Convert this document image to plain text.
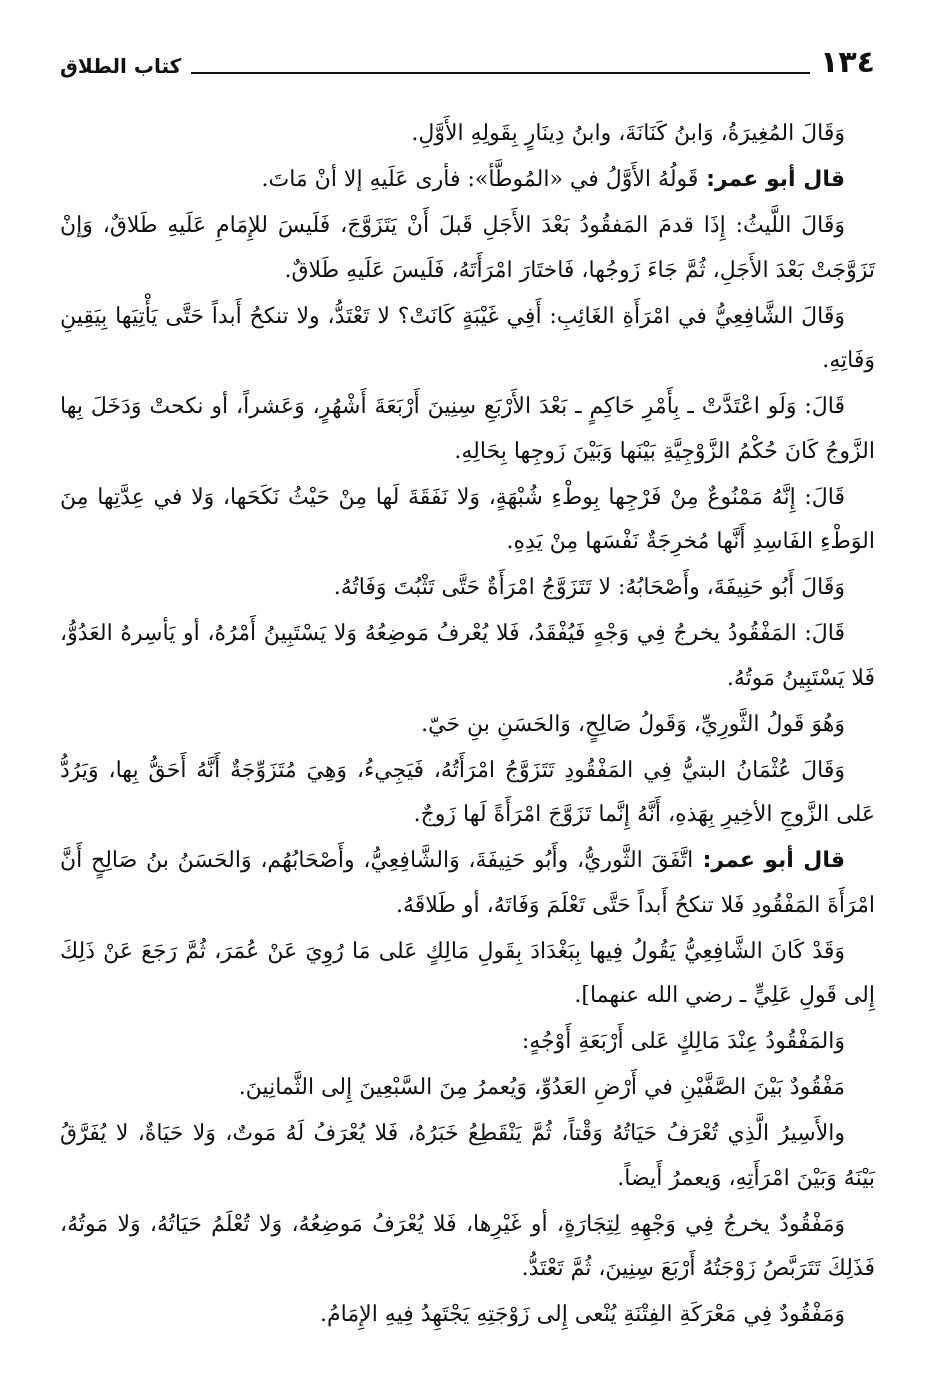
١٣٤
كتاب الطلاق

وَقَالَ المُغِيرَةُ، وَابنُ كَنَانَةَ، وابنُ دِينَارٍ بِقَولِهِ الأَوَّلِ.

قال أبو عمر: قَولُهُ الأَوَّلُ في «المُوطَّأ»: فأرى عَلَيهِ إلا أنْ مَاتَ.

وَقَالَ اللَّيثُ: إِذَا قدمَ المَفقُودُ بَعْدَ الأَجَلِ قَبلَ أَنْ يَتَزَوَّجَ، فَلَيسَ للإِمَامِ عَلَيهِ طَلاقٌ، وَإنْ تَزَوَّجَتْ بَعْدَ الأَجَلِ، ثُمَّ جَاءَ زَوجُها، فَاختَارَ امْرَأَتَهُ، فَلَيسَ عَلَيهِ طَلاقٌ.

وَقَالَ الشَّافِعِيُّ في امْرَأَةِ الغَائِبِ: أَفِي غَيْبَةٍ كَانَتْ؟ لا تَعْتَدُّ، ولا تنكحُ أَبداً حَتَّى يَأْتِيَها بِيَقِينِ وَفَاتِهِ.

قَالَ: وَلَو اعْتَدَّتْ ـ بِأَمْرِ حَاكِمٍ ـ بَعْدَ الأَرْبَعِ سِنِينَ أَرْبَعَةَ أَشْهُرٍ، وَعَشراً، أو نكحتْ وَدَخَلَ بِها الزَّوجُ كَانَ حُكْمُ الزَّوْجِيَّةِ بَيْنَها وَبَيْنَ زَوجِها بِحَالِهِ.

قَالَ: إِنَّهُ مَمْنُوعٌ مِنْ فَرْجِها بِوطْءِ شُبْهَةٍ، وَلا نَفَقَةَ لَها مِنْ حَيْثُ نَكَحَها، وَلا في عِدَّتِها مِنَ الوَطْءِ الفَاسِدِ أَنَّها مُخرِجَةٌ نَفْسَها مِنْ يَدِهِ.

وَقَالَ أَبُو حَنِيفَةَ، وأَصْحَابُهُ: لا تَتَزَوَّجُ امْرَأَةٌ حَتَّى تَثْبُتَ وَفَاتُهُ.

قَالَ: المَفْقُودُ يخرجُ فِي وَجْهٍ فَيُفْقَدُ، فَلا يُعْرفُ مَوضِعُهُ وَلا يَسْتَبِينُ أَمْرُهُ، أو يَأسِرهُ العَدُوُّ، فَلا يَسْتَبِينُ مَوتُهُ.

وَهُوَ قَولُ الثَّورِيِّ، وَقَولُ صَالِحٍ، وَالحَسَنِ بنِ حَيّ.

وَقَالَ عُثْمَانُ البتيُّ فِي المَفْقُودِ تَتَزَوَّجُ امْرَأَتُهُ، فَيَجِيءُ، وَهِيَ مُتَزَوِّجَةٌ أَنَّهُ أَحَقُّ بِها، وَيَرُدُّ عَلى الزَّوجِ الأخِيرِ بِهَذهِ، أَنَّهُ إِنَّما تَزَوَّجَ امْرَأَةً لَها زَوجٌ.

قال أبو عمر: اتَّفَقَ الثَّوريُّ، وأَبُو حَنِيفَةَ، وَالشَّافِعِيُّ، وأَصْحَابُهُم، وَالحَسَنُ بنُ صَالِحٍ أَنَّ امْرَأَةَ المَفْقُودِ فَلا تنكحُ أَبداً حَتَّى تَعْلَمَ وَفَاتَهُ، أو طَلاقَهُ.

وَقَدْ كَانَ الشَّافِعِيُّ يَقُولُ فِيها بِبَغْدَادَ بِقَولِ مَالِكٍ عَلى مَا رُوِيَ عَنْ عُمَرَ، ثُمَّ رَجَعَ عَنْ ذَلِكَ إِلى قَولِ عَلِيٍّ ـ رضي الله عنهما].

وَالمَفْقُودُ عِنْدَ مَالِكٍ عَلى أَرْبَعَةِ أَوْجُهٍ:

مَفْقُودٌ بَيْنَ الصَّفَّيْنِ في أَرْضِ العَدُوِّ، وَيُعمرُ مِنَ السَّبْعِينَ إِلى الثَّمانِينَ.

والأَسِيرُ الَّذِي تُعْرَفُ حَيَاتُهُ وَقْتاً، ثُمَّ يَنْقَطِعُ خَبَرُهُ، فَلا يُعْرَفُ لَهُ مَوتٌ، وَلا حَيَاةٌ، لا يُفَرَّقُ بَيْنَهُ وَبَيْنَ امْرَأَتِهِ، وَيعمرُ أَيضاً.

وَمَفْقُودٌ يخرجُ فِي وَجْهِهِ لِتِجَارَةٍ، أو غَيْرِها، فَلا يُعْرَفُ مَوضِعُهُ، وَلا تُعْلَمُ حَيَاتُهُ، وَلا مَوتُهُ، فَذَلِكَ تَتَرَبَّصُ زَوْجَتُهُ أَرْبَعَ سِنِينَ، ثُمَّ تَعْتَدُّ.

وَمَفْقُودٌ فِي مَعْرَكَةِ الفِتْنَةِ يُنْعى إِلى زَوْجَتِهِ يَجْتَهِدُ فِيهِ الإِمَامُ.
